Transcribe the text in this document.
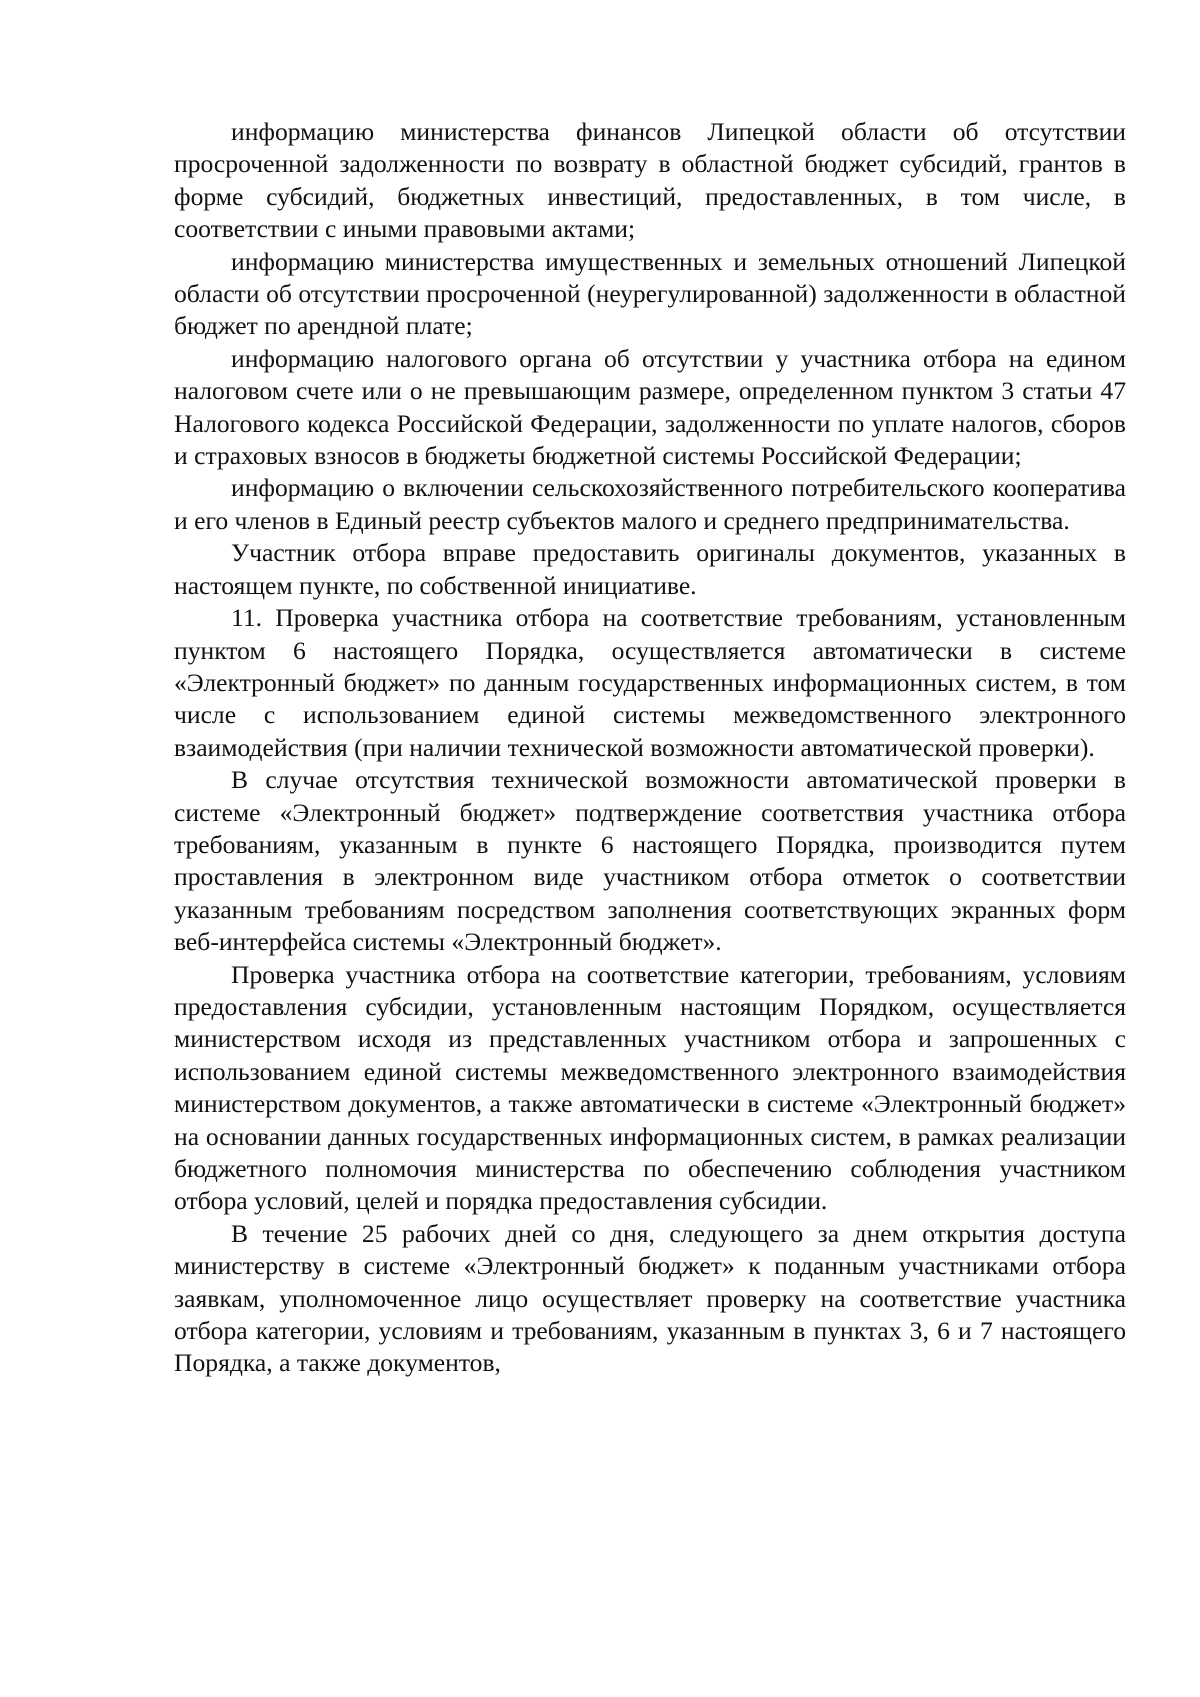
информацию министерства финансов Липецкой области об отсутствии просроченной задолженности по возврату в областной бюджет субсидий, грантов в форме субсидий, бюджетных инвестиций, предоставленных, в том числе, в соответствии с иными правовыми актами;

информацию министерства имущественных и земельных отношений Липецкой области об отсутствии просроченной (неурегулированной) задолженности в областной бюджет по арендной плате;

информацию налогового органа об отсутствии у участника отбора на едином налоговом счете или о не превышающим размере, определенном пунктом 3 статьи 47 Налогового кодекса Российской Федерации, задолженности по уплате налогов, сборов и страховых взносов в бюджеты бюджетной системы Российской Федерации;

информацию о включении сельскохозяйственного потребительского кооператива и его членов в Единый реестр субъектов малого и среднего предпринимательства.

Участник отбора вправе предоставить оригиналы документов, указанных в настоящем пункте, по собственной инициативе.

11. Проверка участника отбора на соответствие требованиям, установленным пунктом 6 настоящего Порядка, осуществляется автоматически в системе «Электронный бюджет» по данным государственных информационных систем, в том числе с использованием единой системы межведомственного электронного взаимодействия (при наличии технической возможности автоматической проверки).

В случае отсутствия технической возможности автоматической проверки в системе «Электронный бюджет» подтверждение соответствия участника отбора требованиям, указанным в пункте 6 настоящего Порядка, производится путем проставления в электронном виде участником отбора отметок о соответствии указанным требованиям посредством заполнения соответствующих экранных форм веб-интерфейса системы «Электронный бюджет».

Проверка участника отбора на соответствие категории, требованиям, условиям предоставления субсидии, установленным настоящим Порядком, осуществляется министерством исходя из представленных участником отбора и запрошенных с использованием единой системы межведомственного электронного взаимодействия министерством документов, а также автоматически в системе «Электронный бюджет» на основании данных государственных информационных систем, в рамках реализации бюджетного полномочия министерства по обеспечению соблюдения участником отбора условий, целей и порядка предоставления субсидии.

В течение 25 рабочих дней со дня, следующего за днем открытия доступа министерству в системе «Электронный бюджет» к поданным участниками отбора заявкам, уполномоченное лицо осуществляет проверку на соответствие участника отбора категории, условиям и требованиям, указанным в пунктах 3, 6 и 7 настоящего Порядка, а также документов,
